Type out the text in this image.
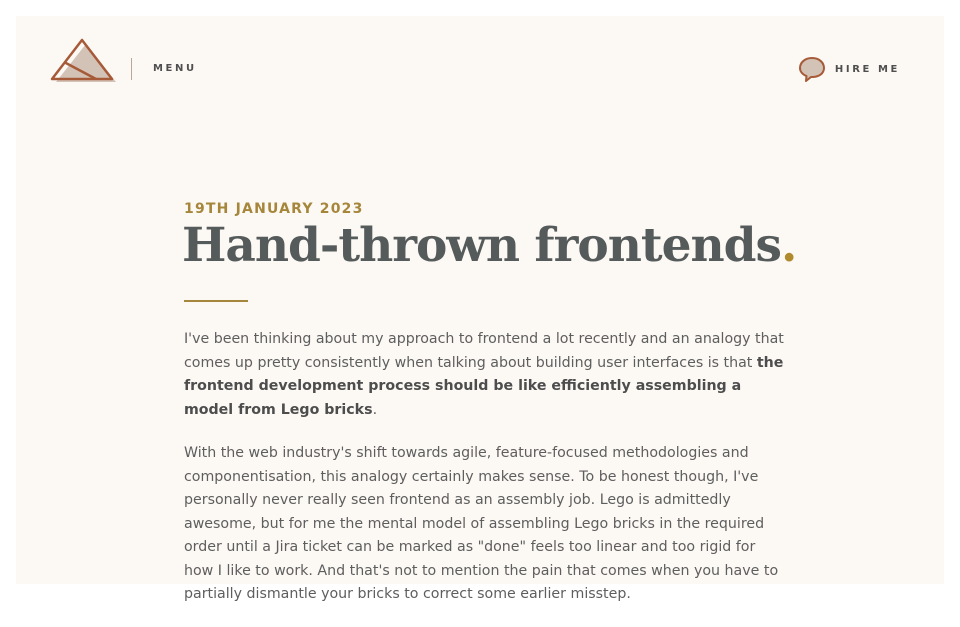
MENU	HIRE ME
19TH JANUARY 2023
Hand-thrown frontends.

I've been thinking about my approach to frontend a lot recently and an analogy that comes up pretty consistently when talking about building user interfaces is that the frontend development process should be like efficiently assembling a model from Lego bricks.

With the web industry's shift towards agile, feature-focused methodologies and componentisation, this analogy certainly makes sense. To be honest though, I've personally never really seen frontend as an assembly job. Lego is admittedly awesome, but for me the mental model of assembling Lego bricks in the required order until a Jira ticket can be marked as "done" feels too linear and too rigid for how I like to work. And that's not to mention the pain that comes when you have to partially dismantle your bricks to correct some earlier misstep.
